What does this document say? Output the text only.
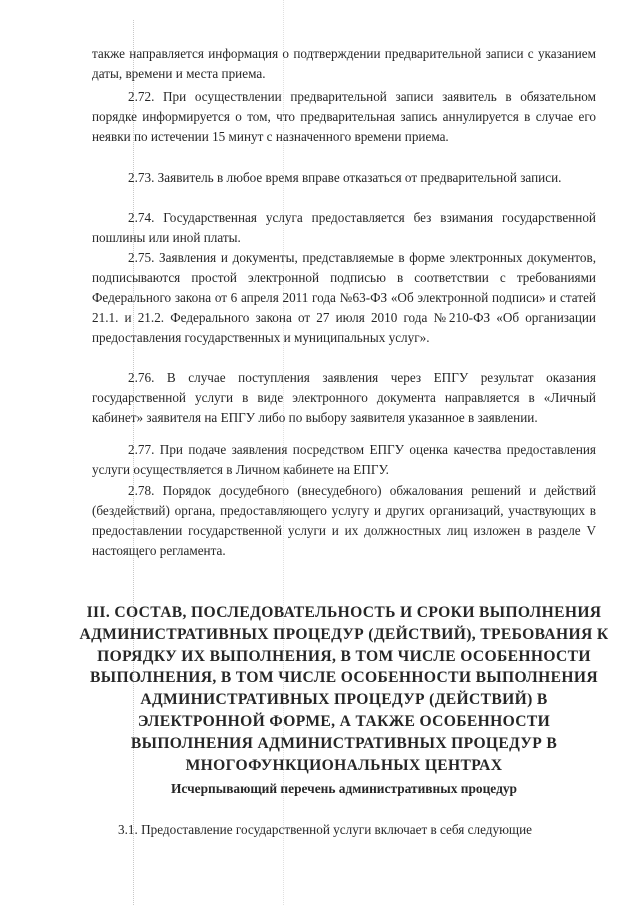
также направляется информация о подтверждении предварительной записи с указанием даты, времени и места приема.

2.72. При осуществлении предварительной записи заявитель в обязательном порядке информируется о том, что предварительная запись аннулируется в случае его неявки по истечении 15 минут с назначенного времени приема.

2.73. Заявитель в любое время вправе отказаться от предварительной записи.

2.74. Государственная услуга предоставляется без взимания государственной пошлины или иной платы.

2.75. Заявления и документы, представляемые в форме электронных документов, подписываются простой электронной подписью в соответствии с требованиями Федерального закона от 6 апреля 2011 года №63-ФЗ «Об электронной подписи» и статей 21.1. и 21.2. Федерального закона от 27 июля 2010 года №210-ФЗ «Об организации предоставления государственных и муниципальных услуг».

2.76. В случае поступления заявления через ЕПГУ результат оказания государственной услуги в виде электронного документа направляется в «Личный кабинет» заявителя на ЕПГУ либо по выбору заявителя указанное в заявлении.

2.77. При подаче заявления посредством ЕПГУ оценка качества предоставления услуги осуществляется в Личном кабинете на ЕПГУ.

2.78. Порядок досудебного (внесудебного) обжалования решений и действий (бездействий) органа, предоставляющего услугу и других организаций, участвующих в предоставлении государственной услуги и их должностных лиц изложен в разделе V настоящего регламента.

III. СОСТАВ, ПОСЛЕДОВАТЕЛЬНОСТЬ И СРОКИ ВЫПОЛНЕНИЯ
АДМИНИСТРАТИВНЫХ ПРОЦЕДУР (ДЕЙСТВИЙ), ТРЕБОВАНИЯ К
ПОРЯДКУ ИХ ВЫПОЛНЕНИЯ, В ТОМ ЧИСЛЕ ОСОБЕННОСТИ
ВЫПОЛНЕНИЯ, В ТОМ ЧИСЛЕ ОСОБЕННОСТИ ВЫПОЛНЕНИЯ
АДМИНИСТРАТИВНЫХ ПРОЦЕДУР (ДЕЙСТВИЙ) В
ЭЛЕКТРОННОЙ ФОРМЕ, А ТАКЖЕ ОСОБЕННОСТИ
ВЫПОЛНЕНИЯ АДМИНИСТРАТИВНЫХ ПРОЦЕДУР В
МНОГОФУНКЦИОНАЛЬНЫХ ЦЕНТРАХ

Исчерпывающий перечень административных процедур

3.1. Предоставление государственной услуги включает в себя следующие
